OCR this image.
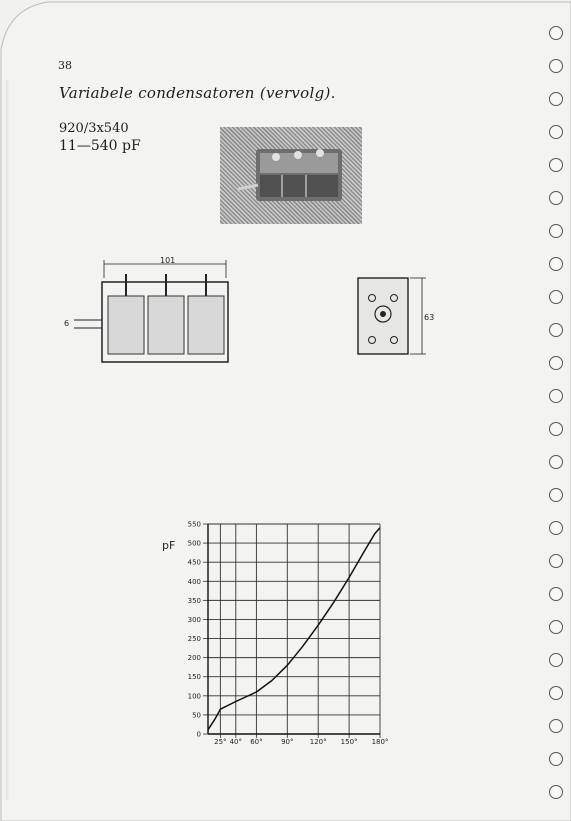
38
Variabele condensatoren (vervolg).
920/3x540
11—540 pF
101
6
63
pF
0
50
100
150
200
250
300
350
400
450
500
550
25° 40° 60°	90° 120° 150° 180°
